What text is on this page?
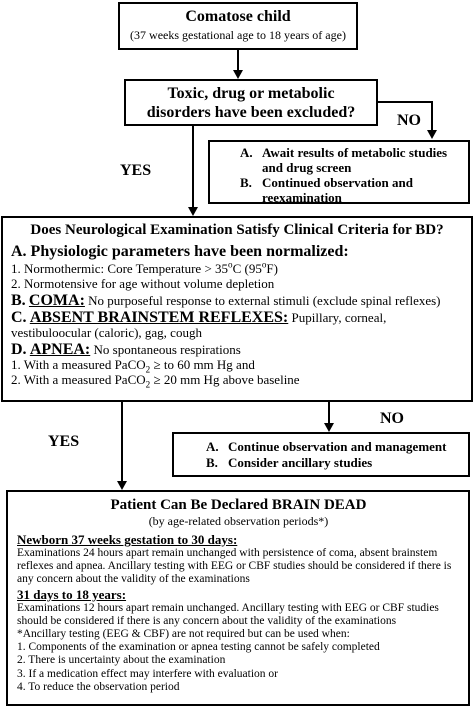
Comatose child
(37 weeks gestational age to 18 years of age)
Toxic, drug or metabolic
disorders have been excluded?	NO
A. Await results of metabolic studies and drug screen
B. Continued observation and reexamination
YES
Does Neurological Examination Satisfy Clinical Criteria for BD?
A. Physiologic parameters have been normalized:

1. Normothermic: Core Temperature > $35^oC$ (95$^o$F)

2. Normotensive for age without volume depletion

B. COMA: No purposeful response to external stimuli (exclude spinal reflexes)

C. ABSENT BRAINSTEM REFLEXES: Pupillary, corneal,

vestibuloocular (caloric), gag, cough

D. APNEA: No spontaneous respirations

1. With a measured PaCO$_2$ ≥ to 60 mm Hg and

2. With a measured PaCO$_2$ ≥ 20 mm Hg above baseline

NO
A. Continue observation and management
B. Consider ancillary studies
YES
Patient Can Be Declared BRAIN DEAD
(by age-related observation periods*)
Newborn 37 weeks gestation to 30 days:

Examinations 24 hours apart remain unchanged with persistence of coma, absent brainstem reflexes and apnea. Ancillary testing with EEG or CBF studies should be considered if there is any concern about the validity of the examinations

31 days to 18 years:

Examinations 12 hours apart remain unchanged. Ancillary testing with EEG or CBF studies should be considered if there is any concern about the validity of the examinations

*Ancillary testing (EEG & CBF) are not required but can be used when:

1. Components of the examination or apnea testing cannot be safely completed

2. There is uncertainty about the examination

3. If a medication effect may interfere with evaluation or

4. To reduce the observation period
